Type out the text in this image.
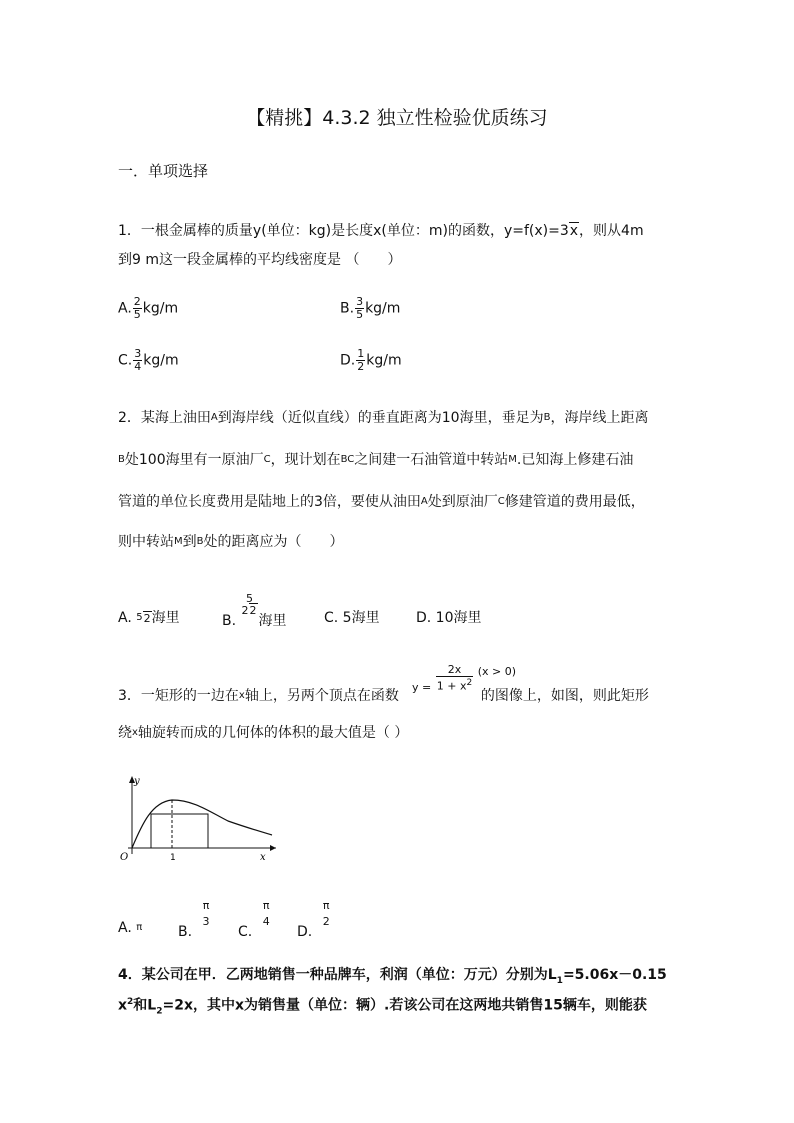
【精挑】4.3.2 独立性检验优质练习
一．单项选择
1．一根金属棒的质量y(单位：kg)是长度x(单位：m)的函数，y=f(x)=3x，则从4m
到9 m这一段金属棒的平均线密度是 （　　）
A. $\frac{2}{5} kg/m$	B. $\frac{3}{5} kg/m$
C. $\frac{3}{4} kg/m$	D. $\frac{1}{2} kg/m$
2．某海上油田$^A$到海岸线（近似直线）的垂直距离为10海里，垂足为$^B$，海岸线上距离
$^B$处100海里有一原油厂$^C$，现计划在$^{BC}$之间建一石油管道中转站$^M$.已知海上修建石油
管道的单位长度费用是陆地上的3倍，要使从油田$^A$处到原油厂$^C$修建管道的费用最低，
则中转站$^M$到$^B$处的距离应为（　　）
A. $^5$2海里	B.
5
22
海里	C. 5海里	D. 10海里
$y = \frac{2x}{1 + x^2} (x > 0)$
3．一矩形的一边在$^x$轴上，另两个顶点在函数	的图像上，如图，则此矩形
绕$^x$轴旋转而成的几何体的体积的最大值是（ ）
y
x
O	1
A. $^\pi$	B.
π
3
C.
π
4
D.
π
2
4．某公司在甲．乙两地销售一种品牌车，利润（单位：万元）分别为$L_1=5.06x-0.15$
$x^2$和$L_2=2x$，其中x为销售量（单位：辆）.若该公司在这两地共销售15辆车，则能获
